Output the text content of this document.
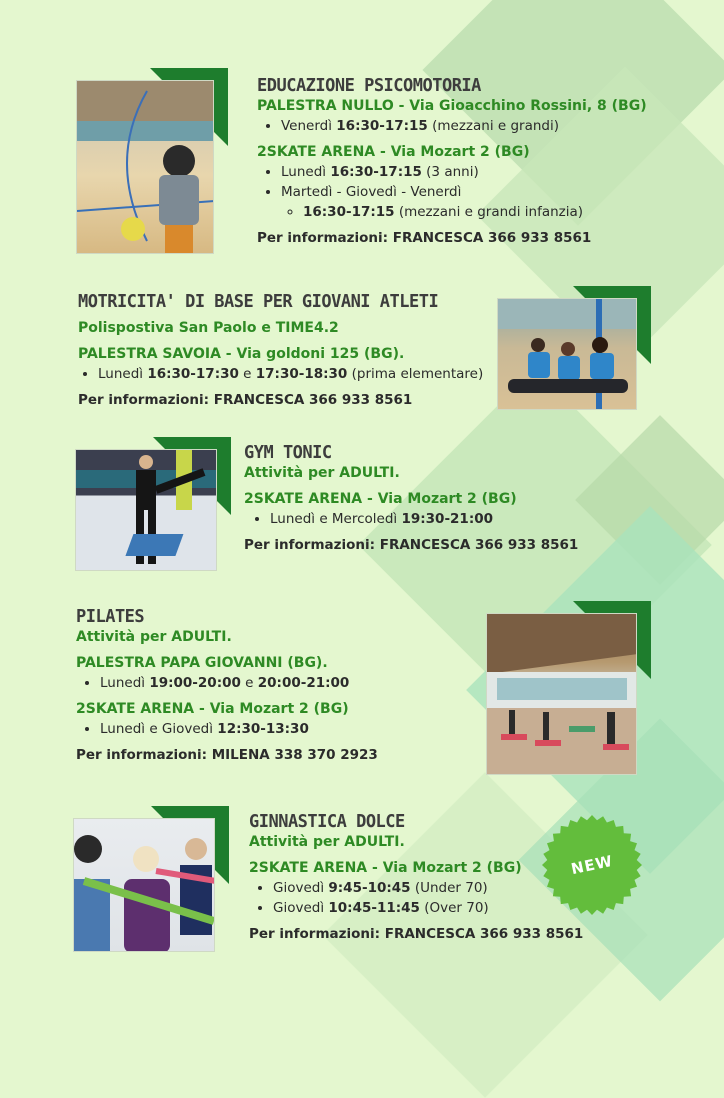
EDUCAZIONE PSICOMOTORIA
PALESTRA NULLO - Via Gioacchino Rossini, 8 (BG)
• Venerdì 16:30-17:15 (mezzani e grandi)
2SKATE ARENA - Via Mozart 2 (BG)
• Lunedì 16:30-17:15 (3 anni)
• Martedì - Giovedì - Venerdì
◦ 16:30-17:15 (mezzani e grandi infanzia)
Per informazioni: FRANCESCA 366 933 8561
MOTRICITA' DI BASE PER GIOVANI ATLETI
Polispostiva San Paolo e TIME4.2
PALESTRA SAVOIA - Via goldoni 125 (BG).
• Lunedì 16:30-17:30 e 17:30-18:30 (prima elementare)
Per informazioni: FRANCESCA 366 933 8561
GYM TONIC
Attività per ADULTI.
2SKATE ARENA - Via Mozart 2 (BG)
• Lunedì e Mercoledì 19:30-21:00
Per informazioni: FRANCESCA 366 933 8561
PILATES
Attività per ADULTI.
PALESTRA PAPA GIOVANNI (BG).
• Lunedì 19:00-20:00 e 20:00-21:00
2SKATE ARENA - Via Mozart 2 (BG)
• Lunedì e Giovedì 12:30-13:30
Per informazioni: MILENA 338 370 2923
GINNASTICA DOLCE
Attività per ADULTI.
2SKATE ARENA - Via Mozart 2 (BG)
• Giovedì 9:45-10:45 (Under 70)
• Giovedì 10:45-11:45 (Over 70)
Per informazioni: FRANCESCA 366 933 8561
NEW
